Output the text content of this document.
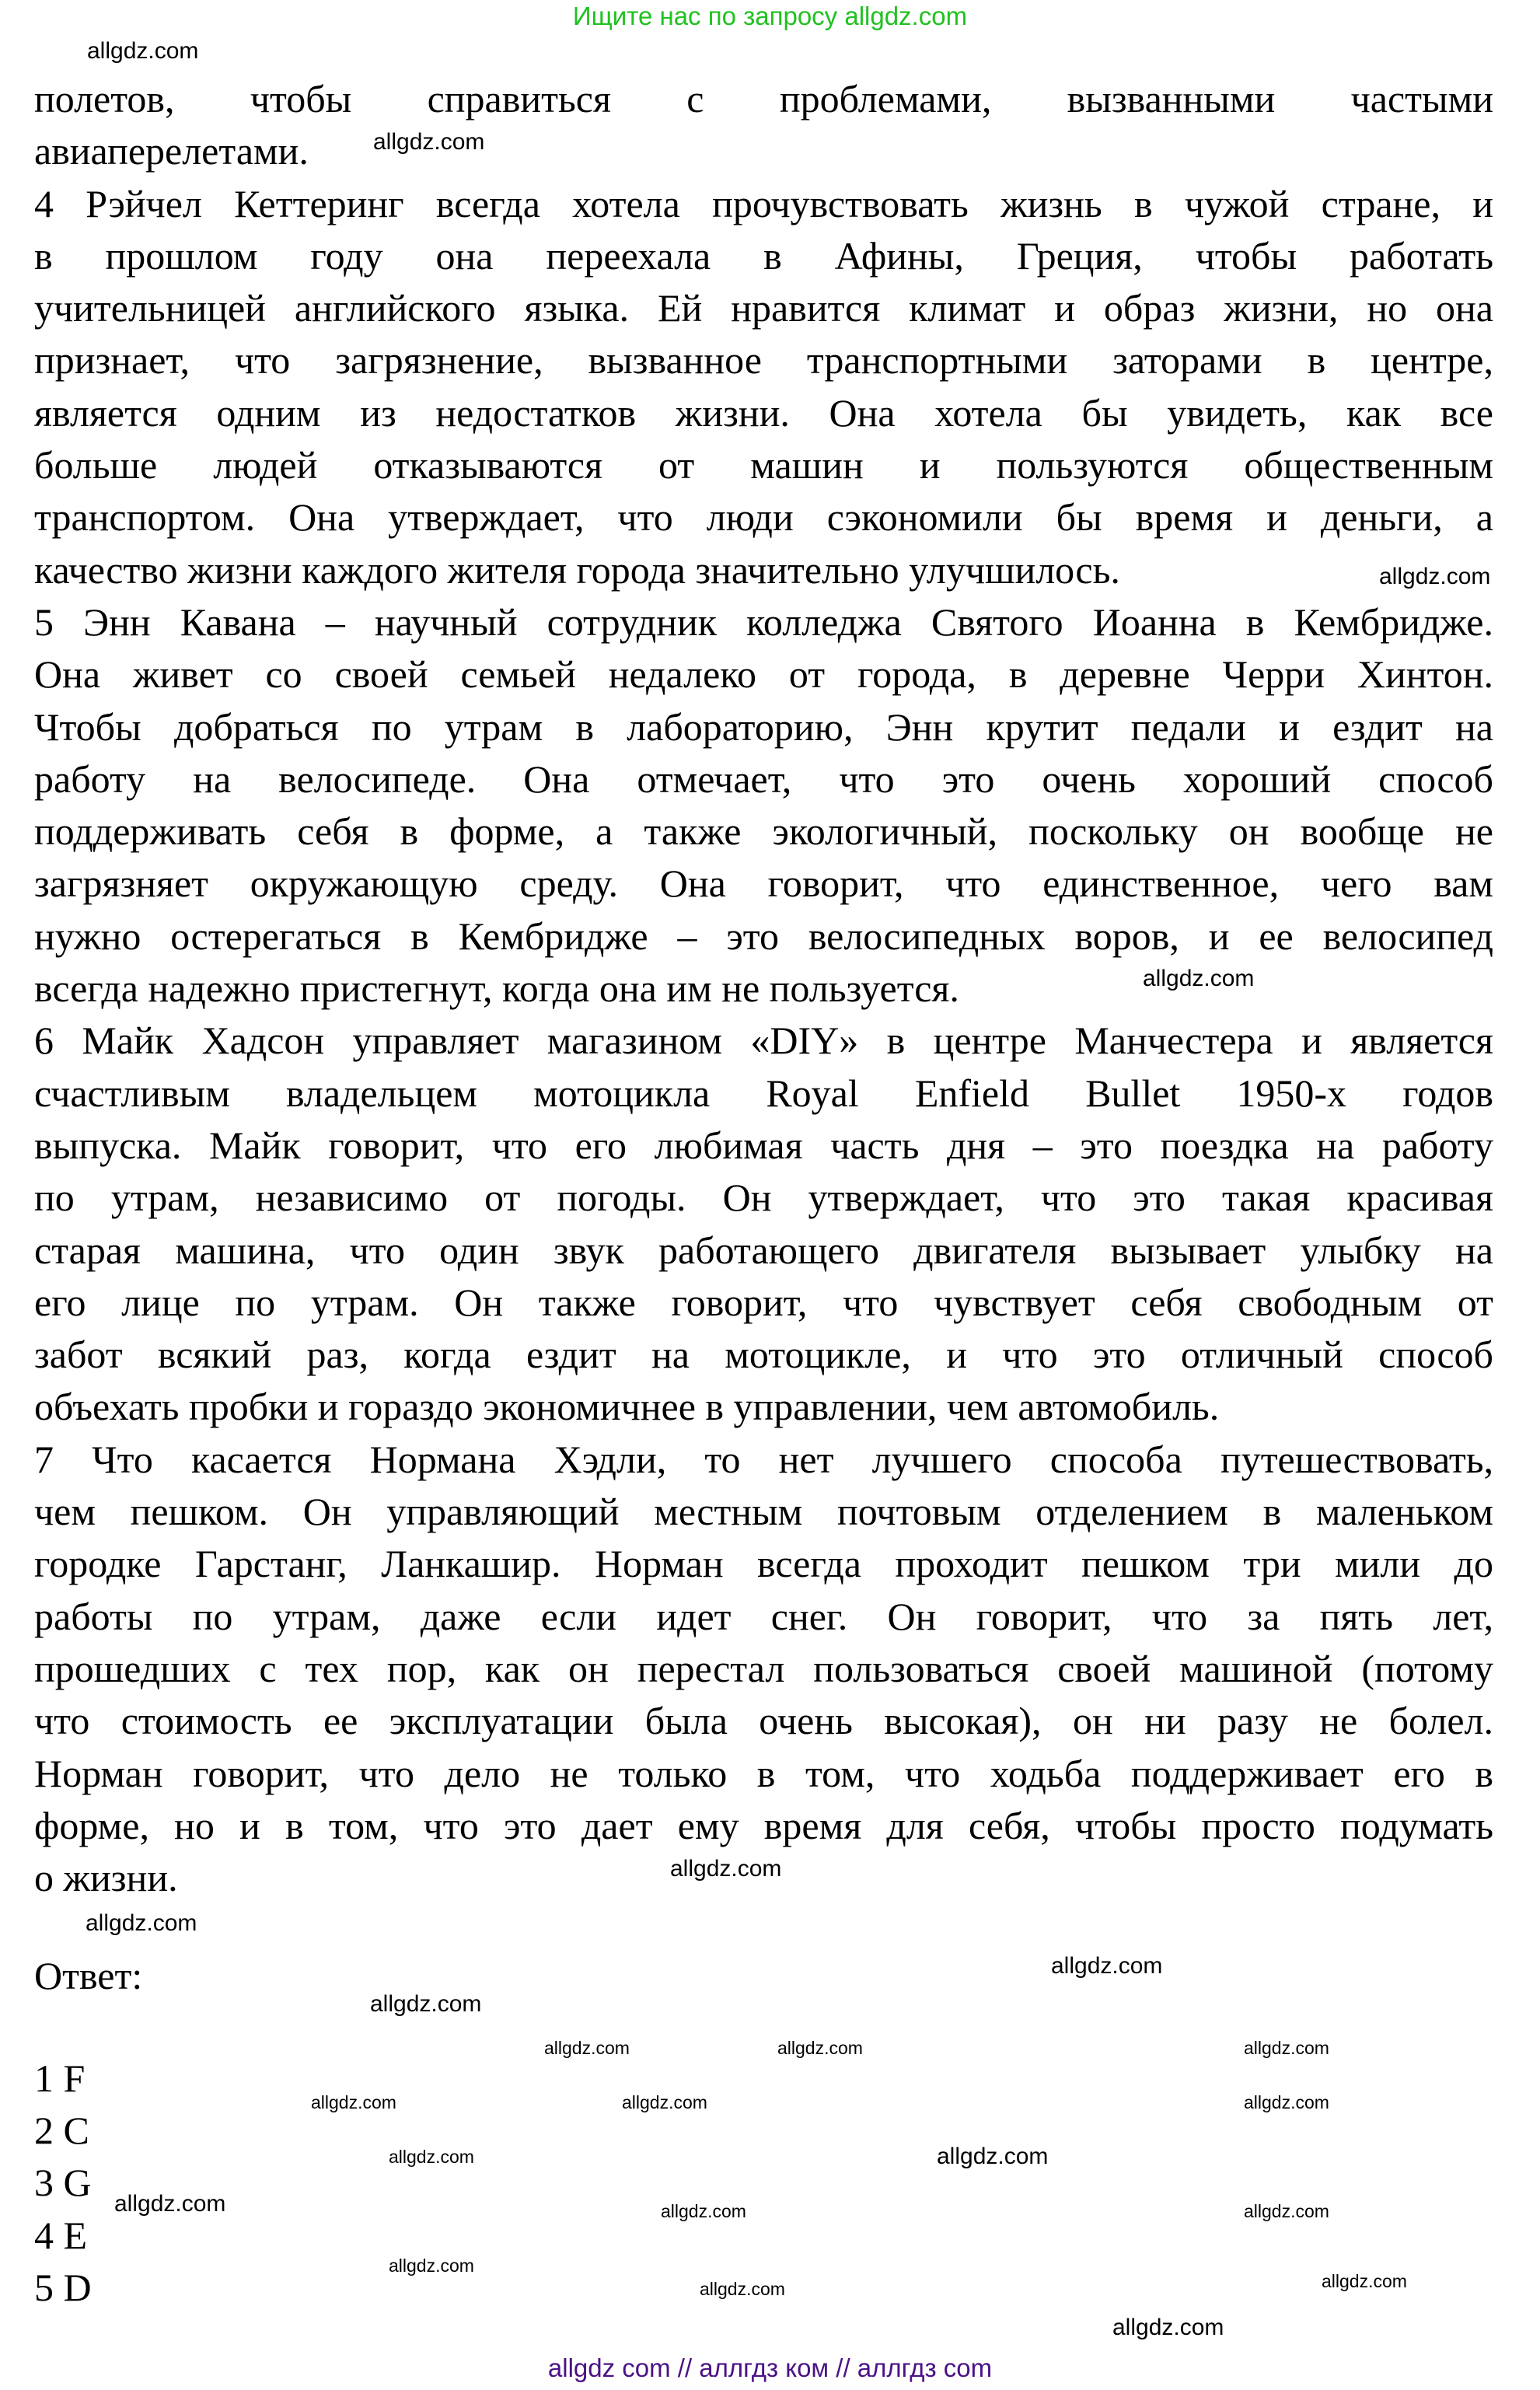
Ищите нас по запросу allgdz.com
полетов, чтобы справиться с проблемами, вызванными частыми
авиаперелетами.
4 Рэйчел Кеттеринг всегда хотела прочувствовать жизнь в чужой стране, и
в прошлом году она переехала в Афины, Греция, чтобы работать
учительницей английского языка. Ей нравится климат и образ жизни, но она
признает, что загрязнение, вызванное транспортными заторами в центре,
является одним из недостатков жизни. Она хотела бы увидеть, как все
больше людей отказываются от машин и пользуются общественным
транспортом. Она утверждает, что люди сэкономили бы время и деньги, а
качество жизни каждого жителя города значительно улучшилось.
5 Энн Кавана – научный сотрудник колледжа Святого Иоанна в Кембридже.
Она живет со своей семьей недалеко от города, в деревне Черри Хинтон.
Чтобы добраться по утрам в лабораторию, Энн крутит педали и ездит на
работу на велосипеде. Она отмечает, что это очень хороший способ
поддерживать себя в форме, а также экологичный, поскольку он вообще не
загрязняет окружающую среду. Она говорит, что единственное, чего вам
нужно остерегаться в Кембридже – это велосипедных воров, и ее велосипед
всегда надежно пристегнут, когда она им не пользуется.
6 Майк Хадсон управляет магазином «DIY» в центре Манчестера и является
счастливым владельцем мотоцикла Royal Enfield Bullet 1950-х годов
выпуска. Майк говорит, что его любимая часть дня – это поездка на работу
по утрам, независимо от погоды. Он утверждает, что это такая красивая
старая машина, что один звук работающего двигателя вызывает улыбку на
его лице по утрам. Он также говорит, что чувствует себя свободным от
забот всякий раз, когда ездит на мотоцикле, и что это отличный способ
объехать пробки и гораздо экономичнее в управлении, чем автомобиль.
7 Что касается Нормана Хэдли, то нет лучшего способа путешествовать,
чем пешком. Он управляющий местным почтовым отделением в маленьком
городке Гарстанг, Ланкашир. Норман всегда проходит пешком три мили до
работы по утрам, даже если идет снег. Он говорит, что за пять лет,
прошедших с тех пор, как он перестал пользоваться своей машиной (потому
что стоимость ее эксплуатации была очень высокая), он ни разу не болел.
Норман говорит, что дело не только в том, что ходьба поддерживает его в
форме, но и в том, что это дает ему время для себя, чтобы просто подумать
о жизни.
Ответ:
1 F
2 C
3 G
4 E
5 D
allgdz.com
allgdz.com
allgdz.com
allgdz.com
allgdz.com
allgdz.com
allgdz.com
allgdz.com
allgdz.com
allgdz.com
allgdz.com
allgdz.com	allgdz.com	allgdz.com
allgdz.com	allgdz.com	allgdz.com
allgdz.com
allgdz.com	allgdz.com
allgdz.com
allgdz.com	allgdz.com
allgdz com // аллгдз ком // аллгдз com
